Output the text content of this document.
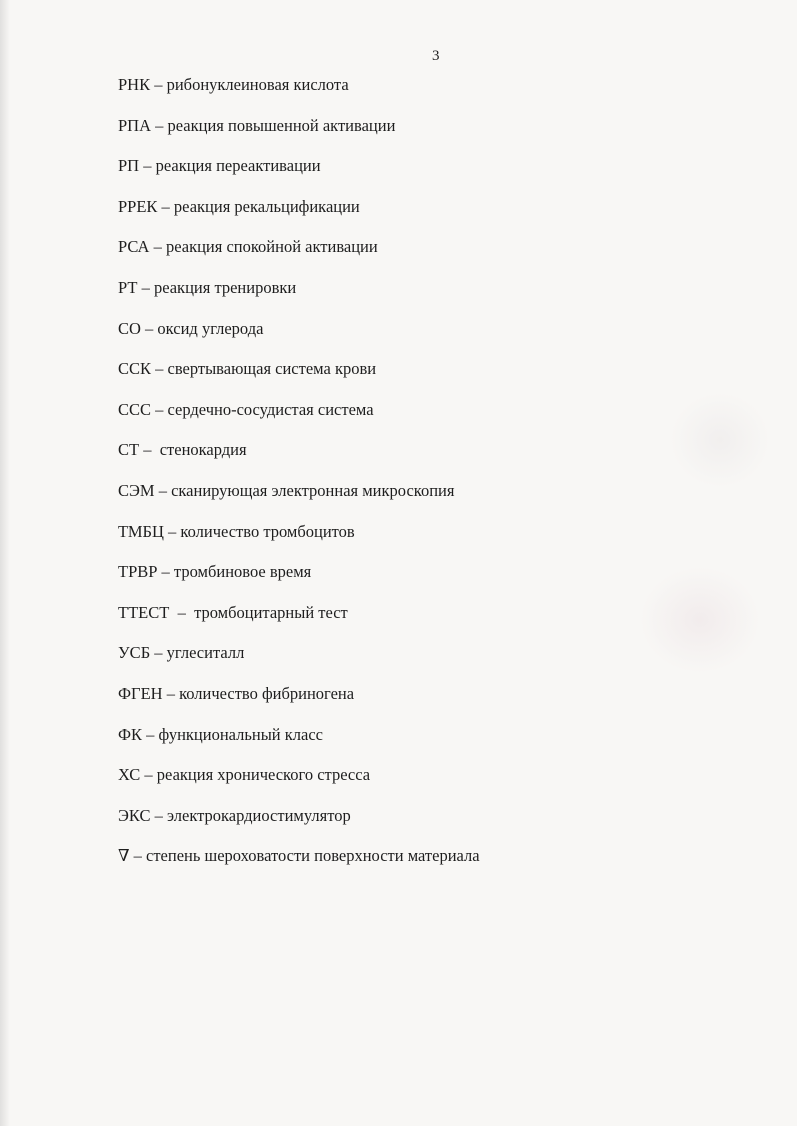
3
РНК – рибонуклеиновая кислота
РПА – реакция повышенной активации
РП – реакция переактивации
РРЕК – реакция рекальцификации
РСА – реакция спокойной активации
РТ – реакция тренировки
СО – оксид углерода
ССК – свертывающая система крови
ССС – сердечно-сосудистая система
СТ –  стенокардия
СЭМ – сканирующая электронная микроскопия
ТМБЦ – количество тромбоцитов
ТРВР – тромбиновое время
ТТЕСТ  –  тромбоцитарный тест
УСБ – углеситалл
ФГЕН – количество фибриногена
ФК – функциональный класс
ХС – реакция хронического стресса
ЭКС – электрокардиостимулятор
∇ – степень шероховатости поверхности материала
